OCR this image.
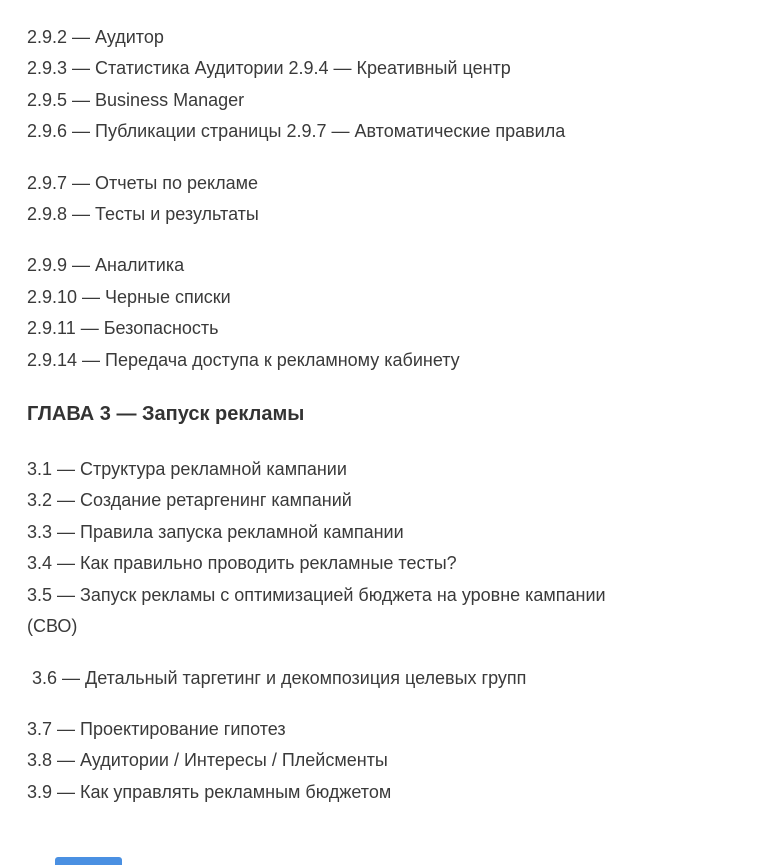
2.9.2 — Аудитор
2.9.3 — Статистика Аудитории 2.9.4 — Креативный центр
2.9.5 — Business Manager
2.9.6 — Публикации страницы 2.9.7 — Автоматические правила
2.9.7 — Отчеты по рекламе
2.9.8 — Тесты и результаты
2.9.9 — Аналитика
2.9.10 — Черные списки
2.9.11 — Безопасность
2.9.14 — Передача доступа к рекламному кабинету
ГЛАВА 3 — Запуск рекламы
3.1 — Структура рекламной кампании
3.2 — Создание ретаргенинг кампаний
3.3 — Правила запуска рекламной кампании
3.4 — Как правильно проводить рекламные тесты?
3.5 — Запуск рекламы с оптимизацией бюджета на уровне кампании
(СВО)
3.6 — Детальный таргетинг и декомпозиция целевых групп
3.7 — Проектирование гипотез
3.8 — Аудитории / Интересы / Плейсменты
3.9 — Как управлять рекламным бюджетом
